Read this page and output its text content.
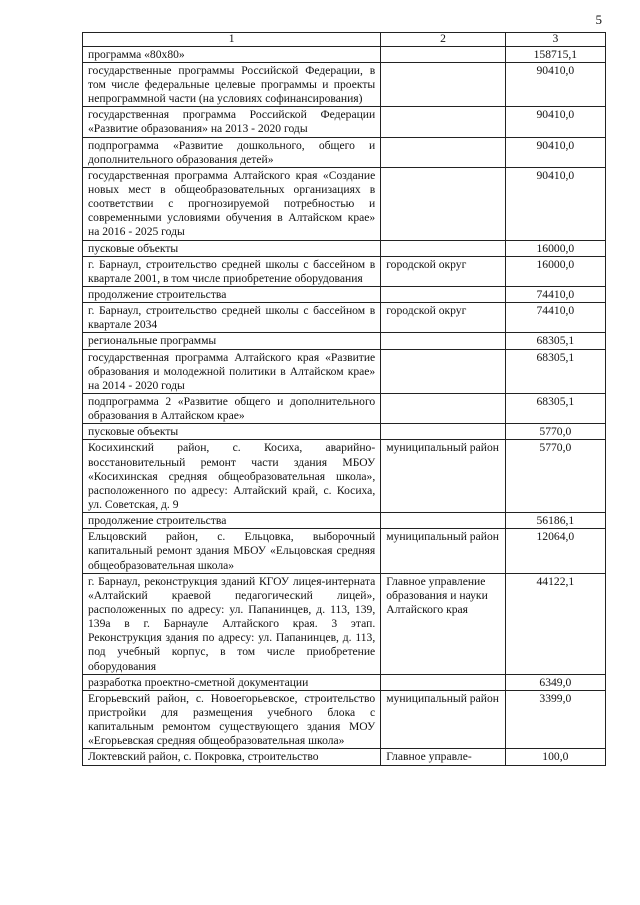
5
1	2	3
программа «80х80»		158715,1
государственные программы Российской Федерации, в том числе федеральные целевые программы и проекты непрограммной части (на условиях софинансирования)		90410,0
государственная программа Российской Федерации «Развитие образования» на 2013 - 2020 годы		90410,0
подпрограмма «Развитие дошкольного, общего и дополнительного образования детей»		90410,0
государственная программа Алтайского края «Создание новых мест в общеобразовательных организациях в соответствии с прогнозируемой потребностью и современными условиями обучения в Алтайском крае» на 2016 - 2025 годы		90410,0
пусковые объекты		16000,0
г. Барнаул, строительство средней школы с бассейном в квартале 2001, в том числе приобретение оборудования	городской округ	16000,0
продолжение строительства		74410,0
г. Барнаул, строительство средней школы с бассейном в квартале 2034	городской округ	74410,0
региональные программы		68305,1
государственная программа Алтайского края «Развитие образования и молодежной политики в Алтайском крае» на 2014 - 2020 годы		68305,1
подпрограмма 2 «Развитие общего и дополнительного образования в Алтайском крае»		68305,1
пусковые объекты		5770,0
Косихинский район, с. Косиха, аварийно-восстановительный ремонт части здания МБОУ «Косихинская средняя общеобразовательная школа», расположенного по адресу: Алтайский край, с. Косиха, ул. Советская, д. 9	муниципальный район	5770,0
продолжение строительства		56186,1
Ельцовский район, с. Ельцовка, выборочный капитальный ремонт здания МБОУ «Ельцовская средняя общеобразовательная школа»	муниципальный район	12064,0
г. Барнаул, реконструкция зданий КГОУ лицея-интерната «Алтайский краевой педагогический лицей», расположенных по адресу: ул. Папанинцев, д. 113, 139, 139а в г. Барнауле Алтайского края. 3 этап. Реконструкция здания по адресу: ул. Папанинцев, д. 113, под учебный корпус, в том числе приобретение оборудования	Главное управление образования и науки Алтайского края	44122,1
разработка проектно-сметной документации		6349,0
Егорьевский район, с. Новоегорьевское, строительство пристройки для размещения учебного блока с капитальным ремонтом существующего здания МОУ «Егорьевская средняя общеобразовательная школа»	муниципальный район	3399,0
Локтевский район, с. Покровка, строительство	Главное управле-	100,0
